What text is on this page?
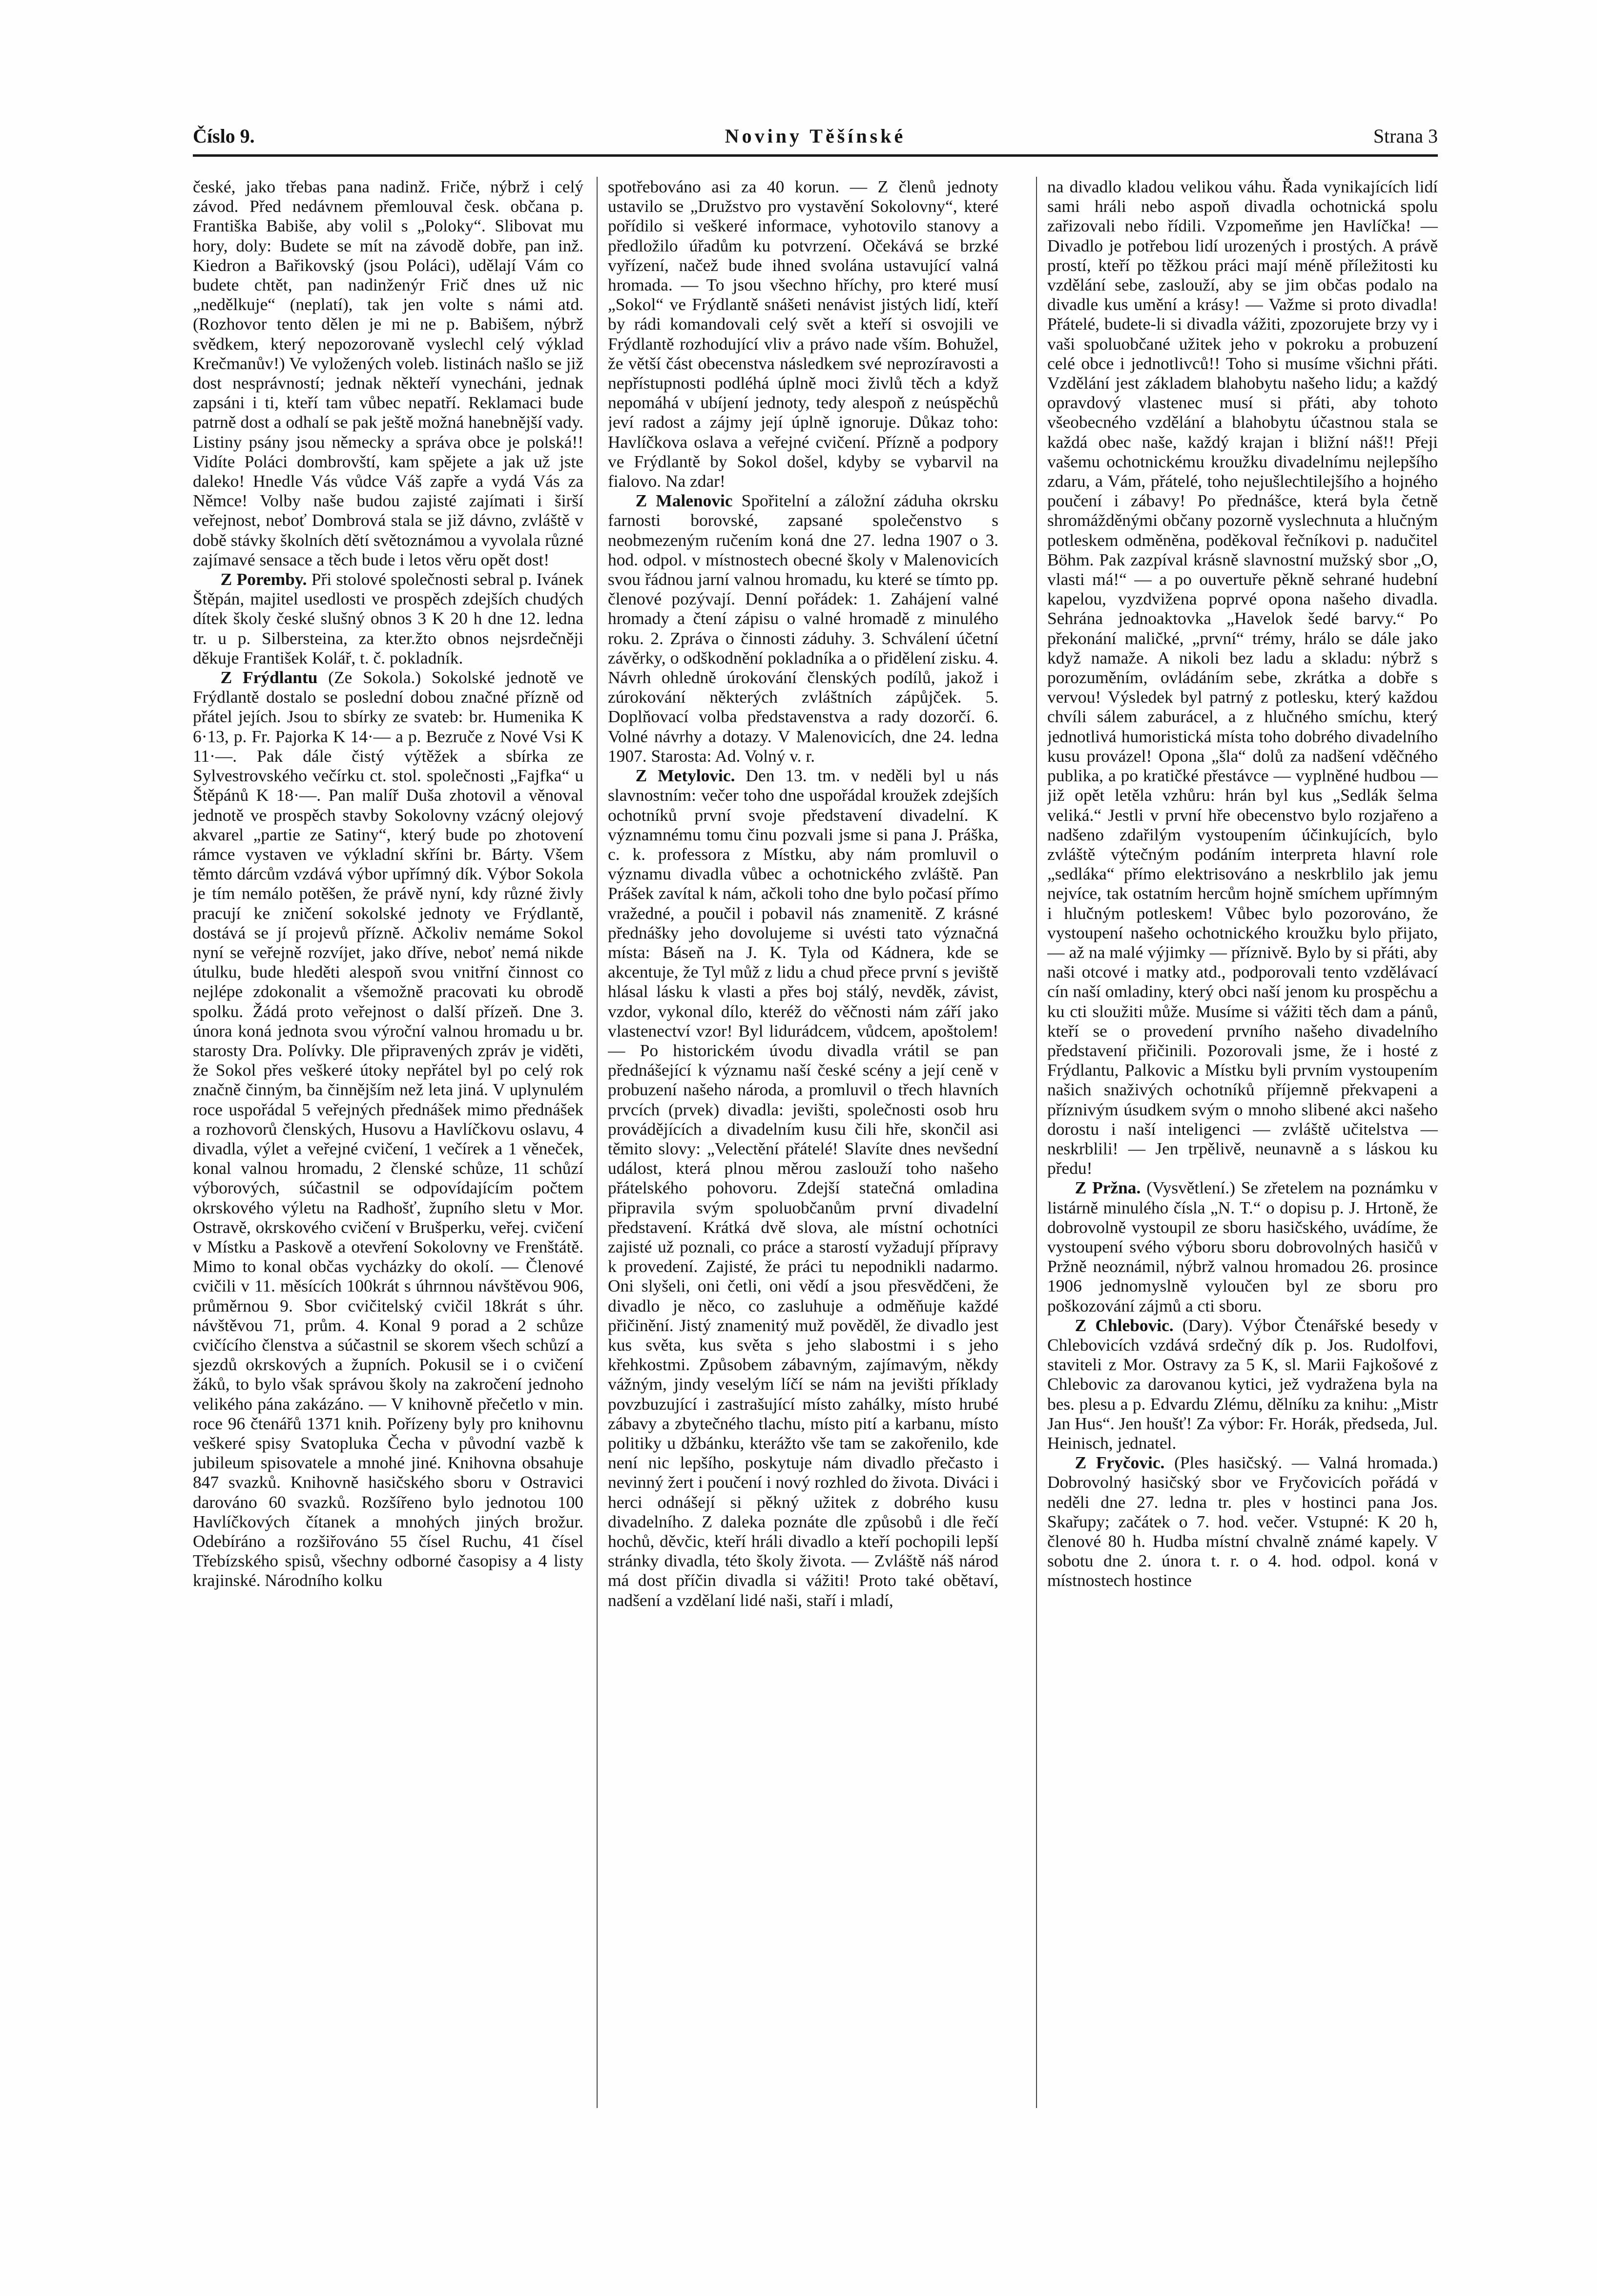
Číslo 9.	Noviny Těšínské	Strana 3

české, jako třebas pana nadinž. Friče, nýbrž i celý závod. Před nedávnem přemlouval česk. občana p. Františka Babiše, aby volil s „Poloky“. Slibovat mu hory, doly: Budete se mít na závodě dobře, pan inž. Kiedron a Bařikovský (jsou Poláci), udělají Vám co budete chtět, pan nadinženýr Frič dnes už nic „nedělkuje“ (neplatí), tak jen volte s námi atd. (Rozhovor tento dělen je mi ne p. Babišem, nýbrž svědkem, který nepozorovaně vyslechl celý výklad Krečmanův!) Ve vyložených voleb. listinách našlo se již dost nesprávností; jednak někteří vynecháni, jednak zapsáni i ti, kteří tam vůbec nepatří. Reklamaci bude patrně dost a odhalí se pak ještě možná hanebnější vady. Listiny psány jsou německy a správa obce je polská!! Vidíte Poláci dombrovští, kam spějete a jak už jste daleko! Hnedle Vás vůdce Váš zapře a vydá Vás za Němce! Volby naše budou zajisté zajímati i širší veřejnost, neboť Dombrová stala se již dávno, zvláště v době stávky školních dětí světoznámou a vyvolala různé zajímavé sensace a těch bude i letos věru opět dost!

Z Poremby. Při stolové společnosti sebral p. Ivánek Štěpán, majitel usedlosti ve prospěch zdejších chudých dítek školy české slušný obnos 3 K 20 h dne 12. ledna tr. u p. Silbersteina, za kter.žto obnos nejsrdečněji děkuje František Kolář, t. č. pokladník.

Z Frýdlantu (Ze Sokola.) Sokolské jednotě ve Frýdlantě dostalo se poslední dobou značné přízně od přátel jejích. Jsou to sbírky ze svateb: br. Humenika K 6·13, p. Fr. Pajorka K 14·— a p. Bezruče z Nové Vsi K 11·—. Pak dále čistý výtěžek a sbírka ze Sylvestrovského večírku ct. stol. společnosti „Fajfka“ u Štěpánů K 18·—. Pan malíř Duša zhotovil a věnoval jednotě ve prospěch stavby Sokolovny vzácný olejový akvarel „partie ze Satiny“, který bude po zhotovení rámce vystaven ve výkladní skříni br. Bárty. Všem těmto dárcům vzdává výbor upřímný dík. Výbor Sokola je tím nemálo potěšen, že právě nyní, kdy různé živly pracují ke zničení sokolské jednoty ve Frýdlantě, dostává se jí projevů přízně. Ačkoliv nemáme Sokol nyní se veřejně rozvíjet, jako dříve, neboť nemá nikde útulku, bude hleděti alespoň svou vnitřní činnost co nejlépe zdokonalit a všemožně pracovati ku obrodě spolku. Žádá proto veřejnost o další přízeň. Dne 3. února koná jednota svou výroční valnou hromadu u br. starosty Dra. Polívky. Dle připravených zpráv je viděti, že Sokol přes veškeré útoky nepřátel byl po celý rok značně činným, ba činnějším než leta jiná. V uplynulém roce uspořádal 5 veřejných přednášek mimo přednášek a rozhovorů členských, Husovu a Havlíčkovu oslavu, 4 divadla, výlet a veřejné cvičení, 1 večírek a 1 věneček, konal valnou hromadu, 2 členské schůze, 11 schůzí výborových, súčastnil se odpovídajícím počtem okrskového výletu na Radhošť, župního sletu v Mor. Ostravě, okrskového cvičení v Brušperku, veřej. cvičení v Místku a Paskově a otevření Sokolovny ve Frenštátě. Mimo to konal občas vycházky do okolí. — Členové cvičili v 11. měsících 100krát s úhrnnou návštěvou 906, průměrnou 9. Sbor cvičitelský cvičil 18krát s úhr. návštěvou 71, prům. 4. Konal 9 porad a 2 schůze cvičícího členstva a súčastnil se skorem všech schůzí a sjezdů okrskových a župních. Pokusil se i o cvičení žáků, to bylo však správou školy na zakročení jednoho velikého pána zakázáno. — V knihovně přečetlo v min. roce 96 čtenářů 1371 knih. Pořízeny byly pro knihovnu veškeré spisy Svatopluka Čecha v původní vazbě k jubileum spisovatele a mnohé jiné. Knihovna obsahuje 847 svazků. Knihovně hasičského sboru v Ostravici darováno 60 svazků. Rozšířeno bylo jednotou 100 Havlíčkových čítanek a mnohých jiných brožur. Odebíráno a rozšiřováno 55 čísel Ruchu, 41 čísel Třebízského spisů, všechny odborné časopisy a 4 listy krajinské. Národního kolku

spotřebováno asi za 40 korun. — Z členů jednoty ustavilo se „Družstvo pro vystavění Sokolovny“, které pořídilo si veškeré informace, vyhotovilo stanovy a předložilo úřadům ku potvrzení. Očekává se brzké vyřízení, načež bude ihned svolána ustavující valná hromada. — To jsou všechno hříchy, pro které musí „Sokol“ ve Frýdlantě snášeti nenávist jistých lidí, kteří by rádi komandovali celý svět a kteří si osvojili ve Frýdlantě rozhodující vliv a právo nade vším. Bohužel, že větší část obecenstva následkem své neprozíravosti a nepřístupnosti podléhá úplně moci živlů těch a když nepomáhá v ubíjení jednoty, tedy alespoň z neúspěchů jeví radost a zájmy její úplně ignoruje. Důkaz toho: Havlíčkova oslava a veřejné cvičení. Přízně a podpory ve Frýdlantě by Sokol došel, kdyby se vybarvil na fialovo. Na zdar!

Z Malenovic Spořitelní a záložní záduha okrsku farnosti borovské, zapsané společenstvo s neobmezeným ručením koná dne 27. ledna 1907 o 3. hod. odpol. v místnostech obecné školy v Malenovicích svou řádnou jarní valnou hromadu, ku které se tímto pp. členové pozývají. Denní pořádek: 1. Zahájení valné hromady a čtení zápisu o valné hromadě z minulého roku. 2. Zpráva o činnosti záduhy. 3. Schválení účetní závěrky, o odškodnění pokladníka a o přidělení zisku. 4. Návrh ohledně úrokování členských podílů, jakož i zúrokování některých zvláštních zápůjček. 5. Doplňovací volba představenstva a rady dozorčí. 6. Volné návrhy a dotazy. V Malenovicích, dne 24. ledna 1907. Starosta: Ad. Volný v. r.

Z Metylovic. Den 13. tm. v neděli byl u nás slavnostním: večer toho dne uspořádal kroužek zdejších ochotníků první svoje představení divadelní. K významnému tomu činu pozvali jsme si pana J. Práška, c. k. professora z Místku, aby nám promluvil o významu divadla vůbec a ochotnického zvláště. Pan Prášek zavítal k nám, ačkoli toho dne bylo počasí přímo vražedné, a poučil i pobavil nás znamenitě. Z krásné přednášky jeho dovolujeme si uvésti tato význačná místa: Báseň na J. K. Tyla od Kádnera, kde se akcentuje, že Tyl můž z lidu a chud přece první s jeviště hlásal lásku k vlasti a přes boj stálý, nevděk, závist, vzdor, vykonal dílo, kteréž do věčnosti nám září jako vlastenectví vzor! Byl lidurádcem, vůdcem, apoštolem! — Po historickém úvodu divadla vrátil se pan přednášející k významu naší české scény a její ceně v probuzení našeho národa, a promluvil o třech hlavních prvcích (prvek) divadla: jevišti, společnosti osob hru provádějících a divadelním kusu čili hře, skončil asi těmito slovy: „Velectění přátelé! Slavíte dnes nevšední událost, která plnou měrou zaslouží toho našeho přátelského pohovoru. Zdejší statečná omladina připravila svým spoluobčanům první divadelní představení. Krátká dvě slova, ale místní ochotníci zajisté už poznali, co práce a starostí vyžadují přípravy k provedení. Zajisté, že práci tu nepodnikli nadarmo. Oni slyšeli, oni četli, oni vědí a jsou přesvědčeni, že divadlo je něco, co zasluhuje a odměňuje každé přičinění. Jistý znamenitý muž pověděl, že divadlo jest kus světa, kus světa s jeho slabostmi i s jeho křehkostmi. Způsobem zábavným, zajímavým, někdy vážným, jindy veselým líčí se nám na jevišti příklady povzbuzující i zastrašující místo zahálky, místo hrubé zábavy a zbytečného tlachu, místo pití a karbanu, místo politiky u džbánku, kterážto vše tam se zakořenilo, kde není nic lepšího, poskytuje nám divadlo přečasto i nevinný žert i poučení i nový rozhled do života. Diváci i herci odnášejí si pěkný užitek z dobrého kusu divadelního. Z daleka poznáte dle způsobů i dle řečí hochů, děvčic, kteří hráli divadlo a kteří pochopili lepší stránky divadla, této školy života. — Zvláště náš národ má dost příčin divadla si vážiti! Proto také obětaví, nadšení a vzdělaní lidé naši, staří i mladí,

na divadlo kladou velikou váhu. Řada vynikajících lidí sami hráli nebo aspoň divadla ochotnická spolu zařizovali nebo řídili. Vzpomeňme jen Havlíčka! — Divadlo je potřebou lidí urozených i prostých. A právě prostí, kteří po těžkou práci mají méně příležitosti ku vzdělání sebe, zaslouží, aby se jim občas podalo na divadle kus umění a krásy! — Važme si proto divadla! Přátelé, budete-li si divadla vážiti, zpozorujete brzy vy i vaši spoluobčané užitek jeho v pokroku a probuzení celé obce i jednotlivců!! Toho si musíme všichni přáti. Vzdělání jest základem blahobytu našeho lidu; a každý opravdový vlastenec musí si přáti, aby tohoto všeobecného vzdělání a blahobytu účastnou stala se každá obec naše, každý krajan i bližní náš!! Přeji vašemu ochotnickému kroužku divadelnímu nejlepšího zdaru, a Vám, přátelé, toho nejušlechtilejšího a hojného poučení i zábavy! Po přednášce, která byla četně shromážděnými občany pozorně vyslechnuta a hlučným potleskem odměněna, poděkoval řečníkovi p. nadučitel Böhm. Pak zazpíval krásně slavnostní mužský sbor „O, vlasti má!“ — a po ouvertuře pěkně sehrané hudební kapelou, vyzdvižena poprvé opona našeho divadla. Sehrána jednoaktovka „Havelok šedé barvy.“ Po překonání maličké, „první“ trémy, hrálo se dále jako když namaže. A nikoli bez ladu a skladu: nýbrž s porozuměním, ovládáním sebe, zkrátka a dobře s vervou! Výsledek byl patrný z potlesku, který každou chvíli sálem zaburácel, a z hlučného smíchu, který jednotlivá humoristická místa toho dobrého divadelního kusu provázel! Opona „šla“ dolů za nadšení vděčného publika, a po kratičké přestávce — vyplněné hudbou — již opět letěla vzhůru: hrán byl kus „Sedlák šelma veliká.“ Jestli v první hře obecenstvo bylo rozjařeno a nadšeno zdařilým vystoupením účinkujících, bylo zvláště výtečným podáním interpreta hlavní role „sedláka“ přímo elektrisováno a neskrblilo jak jemu nejvíce, tak ostatním hercům hojně smíchem upřímným i hlučným potleskem! Vůbec bylo pozorováno, že vystoupení našeho ochotnického kroužku bylo přijato, — až na malé výjimky — příznivě. Bylo by si přáti, aby naši otcové i matky atd., podporovali tento vzdělávací cín naší omladiny, který obci naší jenom ku prospěchu a ku cti sloužiti může. Musíme si vážiti těch dam a pánů, kteří se o provedení prvního našeho divadelního představení přičinili. Pozorovali jsme, že i hosté z Frýdlantu, Palkovic a Místku byli prvním vystoupením našich snaživých ochotníků příjemně překvapeni a příznivým úsudkem svým o mnoho slibené akci našeho dorostu i naší inteligenci — zvláště učitelstva — neskrblili! — Jen trpělivě, neunavně a s láskou ku předu!

Z Pržna. (Vysvětlení.) Se zřetelem na poznámku v listárně minulého čísla „N. T.“ o dopisu p. J. Hrtoně, že dobrovolně vystoupil ze sboru hasičského, uvádíme, že vystoupení svého výboru sboru dobrovolných hasičů v Pržně neoznámil, nýbrž valnou hromadou 26. prosince 1906 jednomyslně vyloučen byl ze sboru pro poškozování zájmů a cti sboru.

Z Chlebovic. (Dary). Výbor Čtenářské besedy v Chlebovicích vzdává srdečný dík p. Jos. Rudolfovi, staviteli z Mor. Ostravy za 5 K, sl. Marii Fajkošové z Chlebovic za darovanou kytici, jež vydražena byla na bes. plesu a p. Edvardu Zlému, dělníku za knihu: „Mistr Jan Hus“. Jen houšť! Za výbor: Fr. Horák, předseda, Jul. Heinisch, jednatel.

Z Fryčovic. (Ples hasičský. — Valná hromada.) Dobrovolný hasičský sbor ve Fryčovicích pořádá v neděli dne 27. ledna tr. ples v hostinci pana Jos. Skařupy; začátek o 7. hod. večer. Vstupné: K 20 h, členové 80 h. Hudba místní chvalně známé kapely. V sobotu dne 2. února t. r. o 4. hod. odpol. koná v místnostech hostince
